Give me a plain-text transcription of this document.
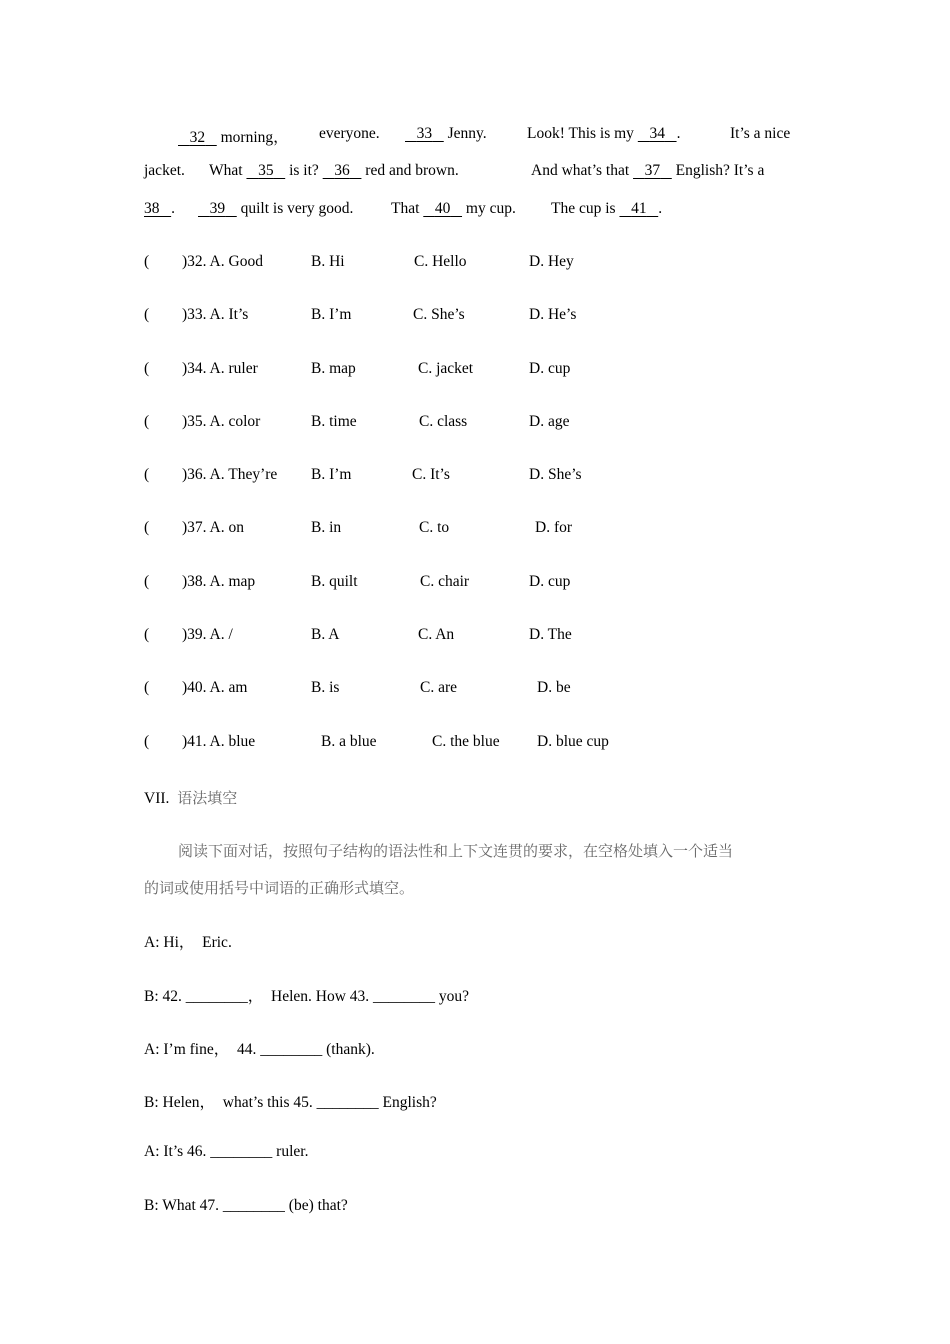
32    morning， everyone.	33    Jenny.	Look! This is my    34 .	It’s a nice
jacket. What    35    is it?    36    red and brown.	And what’s that    37    English? It’s a
38 .	39    quilt is very good. That    40    my cup. The cup is    41 .
( )32. A. Good	B. Hi	C. Hello	D. Hey
( )33. A. It’s	B. I’m	C. She’s	D. He’s
( )34. A. ruler	B. map	C. jacket	D. cup
( )35. A. color	B. time	C. class	D. age
( )36. A. They’re B. I’m	C. It’s	D. She’s
( )37. A. on	B. in	C. to	D. for
( )38. A. map	B. quilt	C. chair	D. cup
( )39. A. /	B. A	C. An	D. The
( )40. A. am	B. is	C. are	D. be
( )41. A. blue	B. a blue	C. the blue D. blue cup
VII. 语法填空
阅读下面对话，按照句子结构的语法性和上下文连贯的要求，在空格处填入一个适当
的词或使用括号中词语的正确形式填空。
A: Hi，  Eric.
B: 42. ________，  Helen. How 43. ________ you?
A: I’m fine，  44. ________ (thank).
B: Helen，  what’s this 45. ________ English?
A: It’s 46. ________ ruler.
B: What 47. ________ (be) that?
